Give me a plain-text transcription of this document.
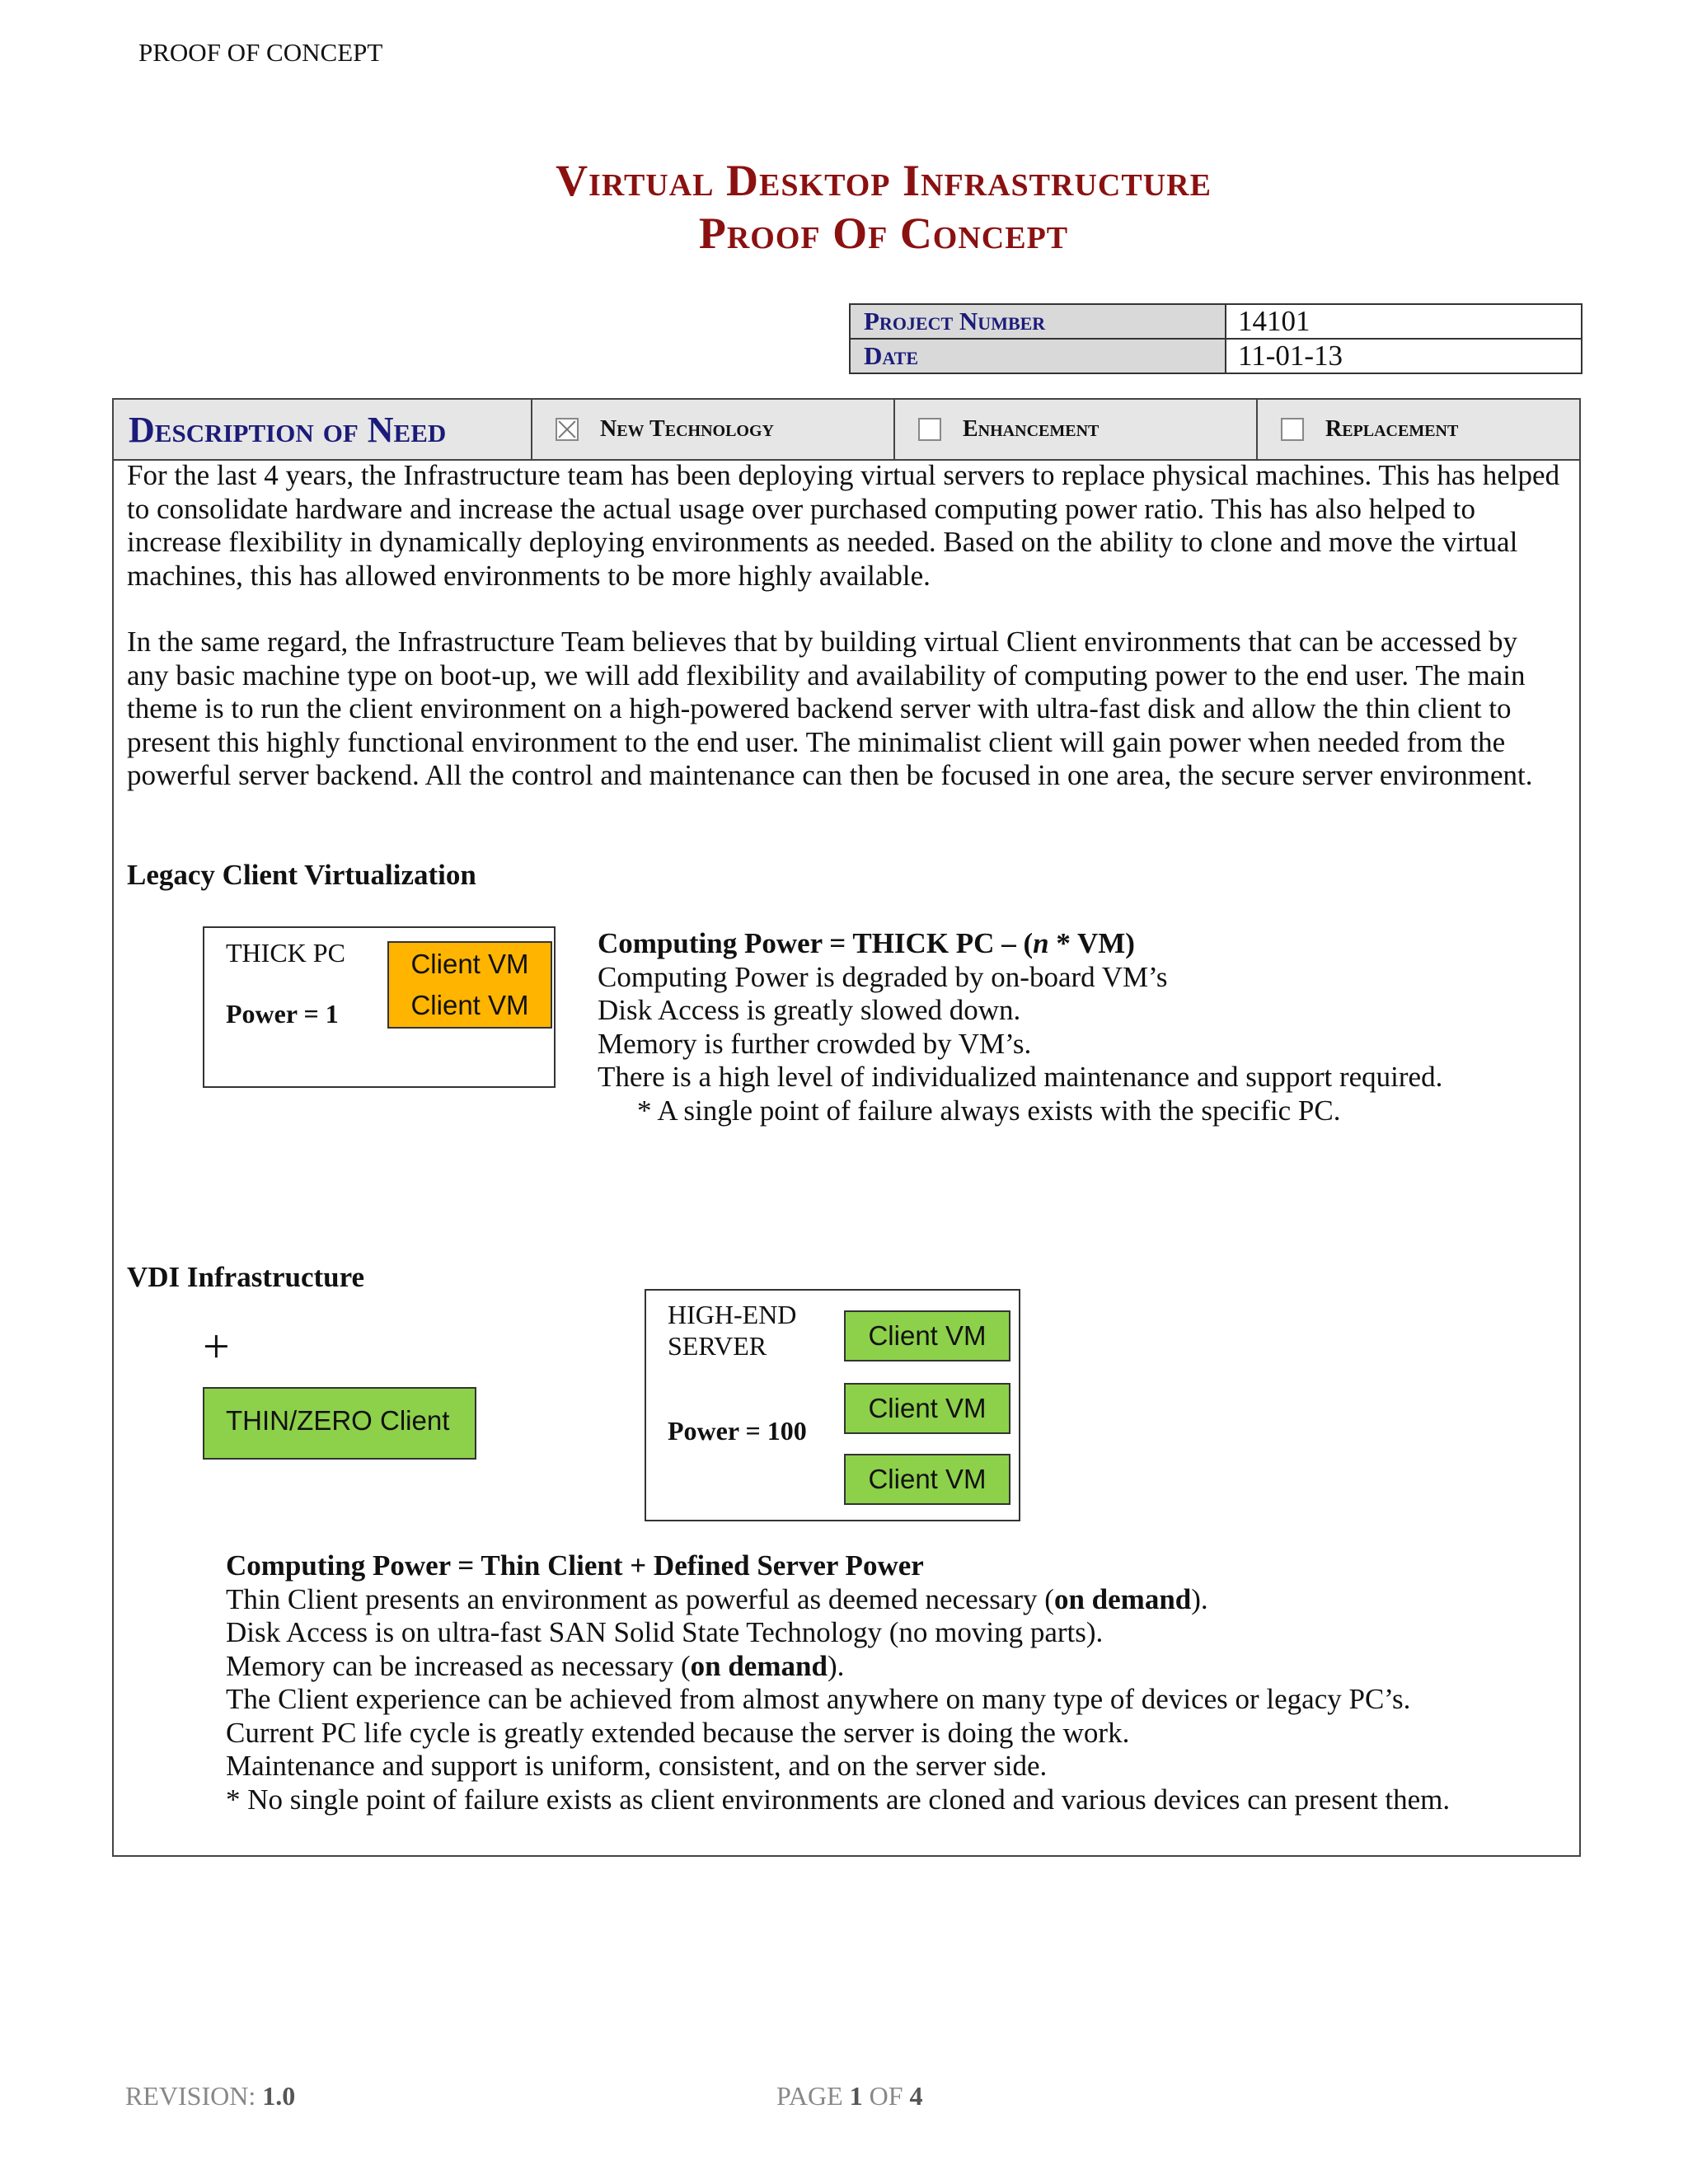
PROOF OF CONCEPT
Virtual Desktop Infrastructure
Proof Of Concept
Project Number	14101
Date	11-01-13
Description of Need	New Technology	Enhancement	Replacement
For the last 4 years, the Infrastructure team has been deploying virtual servers to replace physical machines. This has helped to consolidate hardware and increase the actual usage over purchased computing power ratio. This has also helped to increase flexibility in dynamically deploying environments as needed. Based on the ability to clone and move the virtual machines, this has allowed environments to be more highly available.
In the same regard, the Infrastructure Team believes that by building virtual Client environments that can be accessed by any basic machine type on boot-up, we will add flexibility and availability of computing power to the end user. The main theme is to run the client environment on a high-powered backend server with ultra-fast disk and allow the thin client to present this highly functional environment to the end user. The minimalist client will gain power when needed from the powerful server backend. All the control and maintenance can then be focused in one area, the secure server environment.
Legacy Client Virtualization
THICK PC
Power = 1
Client VM
Client VM
Computing Power = THICK PC – (n * VM)
Computing Power is degraded by on-board VM’s
Disk Access is greatly slowed down.
Memory is further crowded by VM’s.
There is a high level of individualized maintenance and support required.
* A single point of failure always exists with the specific PC.
VDI Infrastructure
+
THIN/ZERO Client
HIGH-END
SERVER
Power = 100
Client VM
Client VM
Client VM
Computing Power = Thin Client + Defined Server Power
Thin Client presents an environment as powerful as deemed necessary (on demand).
Disk Access is on ultra-fast SAN Solid State Technology (no moving parts).
Memory can be increased as necessary (on demand).
The Client experience can be achieved from almost anywhere on many type of devices or legacy PC’s.
Current PC life cycle is greatly extended because the server is doing the work.
Maintenance and support is uniform, consistent, and on the server side.
* No single point of failure exists as client environments are cloned and various devices can present them.
REVISION: 1.0	PAGE 1 OF 4
